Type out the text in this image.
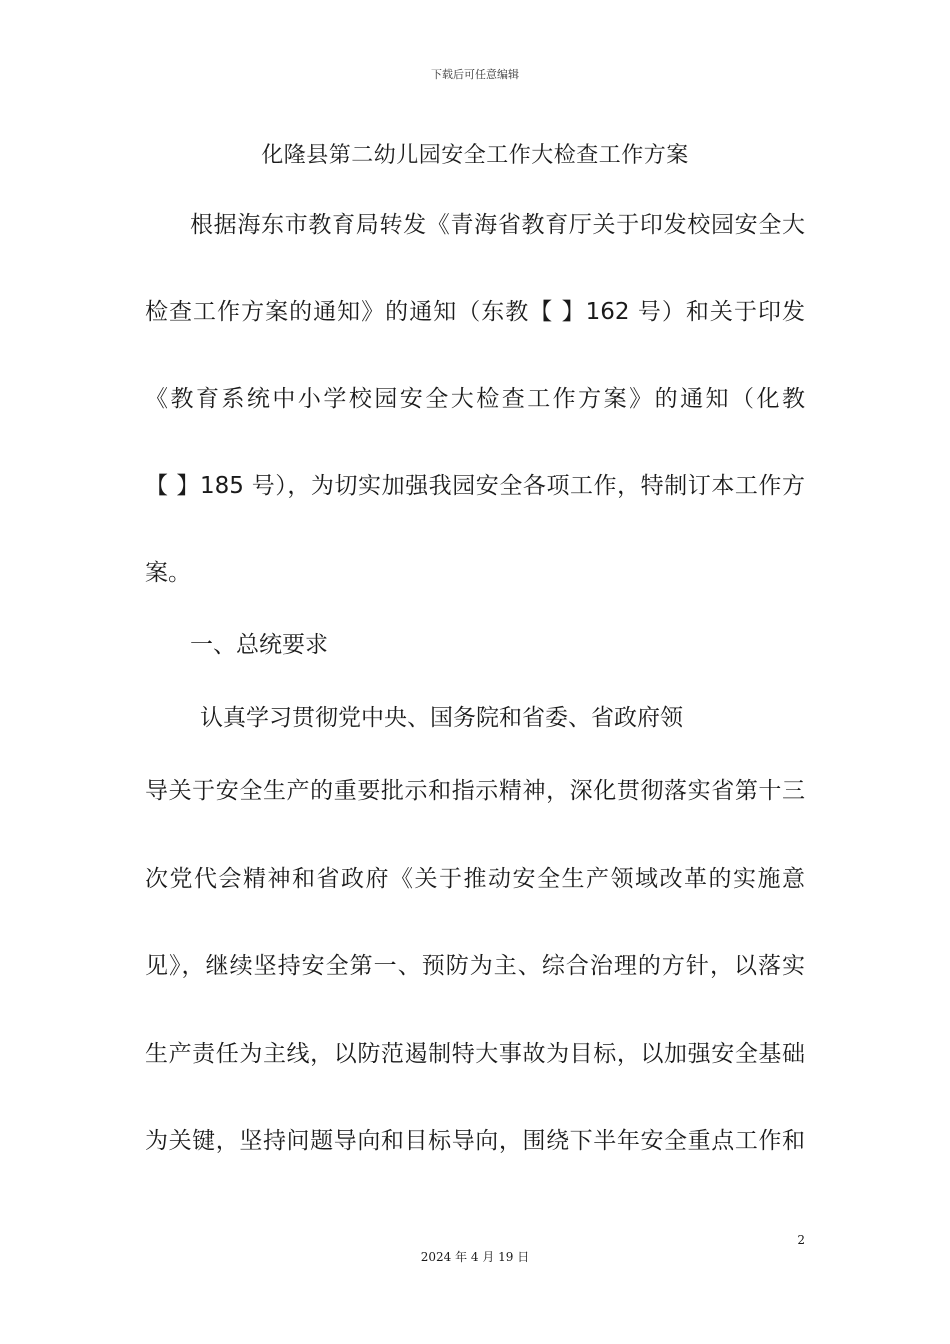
下载后可任意编辑
化隆县第二幼儿园安全工作大检查工作方案
根据海东市教育局转发《青海省教育厅关于印发校园安全大
检查工作方案的通知》的通知（东教【 】162 号）和关于印发
《教育系统中小学校园安全大检查工作方案》的通知（化教
【 】185 号），为切实加强我园安全各项工作，特制订本工作方
案。
一、总统要求
认真学习贯彻党中央、国务院和省委、省政府领
导关于安全生产的重要批示和指示精神，深化贯彻落实省第十三
次党代会精神和省政府《关于推动安全生产领域改革的实施意
见》，继续坚持安全第一、预防为主、综合治理的方针，以落实
生产责任为主线，以防范遏制特大事故为目标，以加强安全基础
为关键，坚持问题导向和目标导向，围绕下半年安全重点工作和
2
2024 年 4 月 19 日
